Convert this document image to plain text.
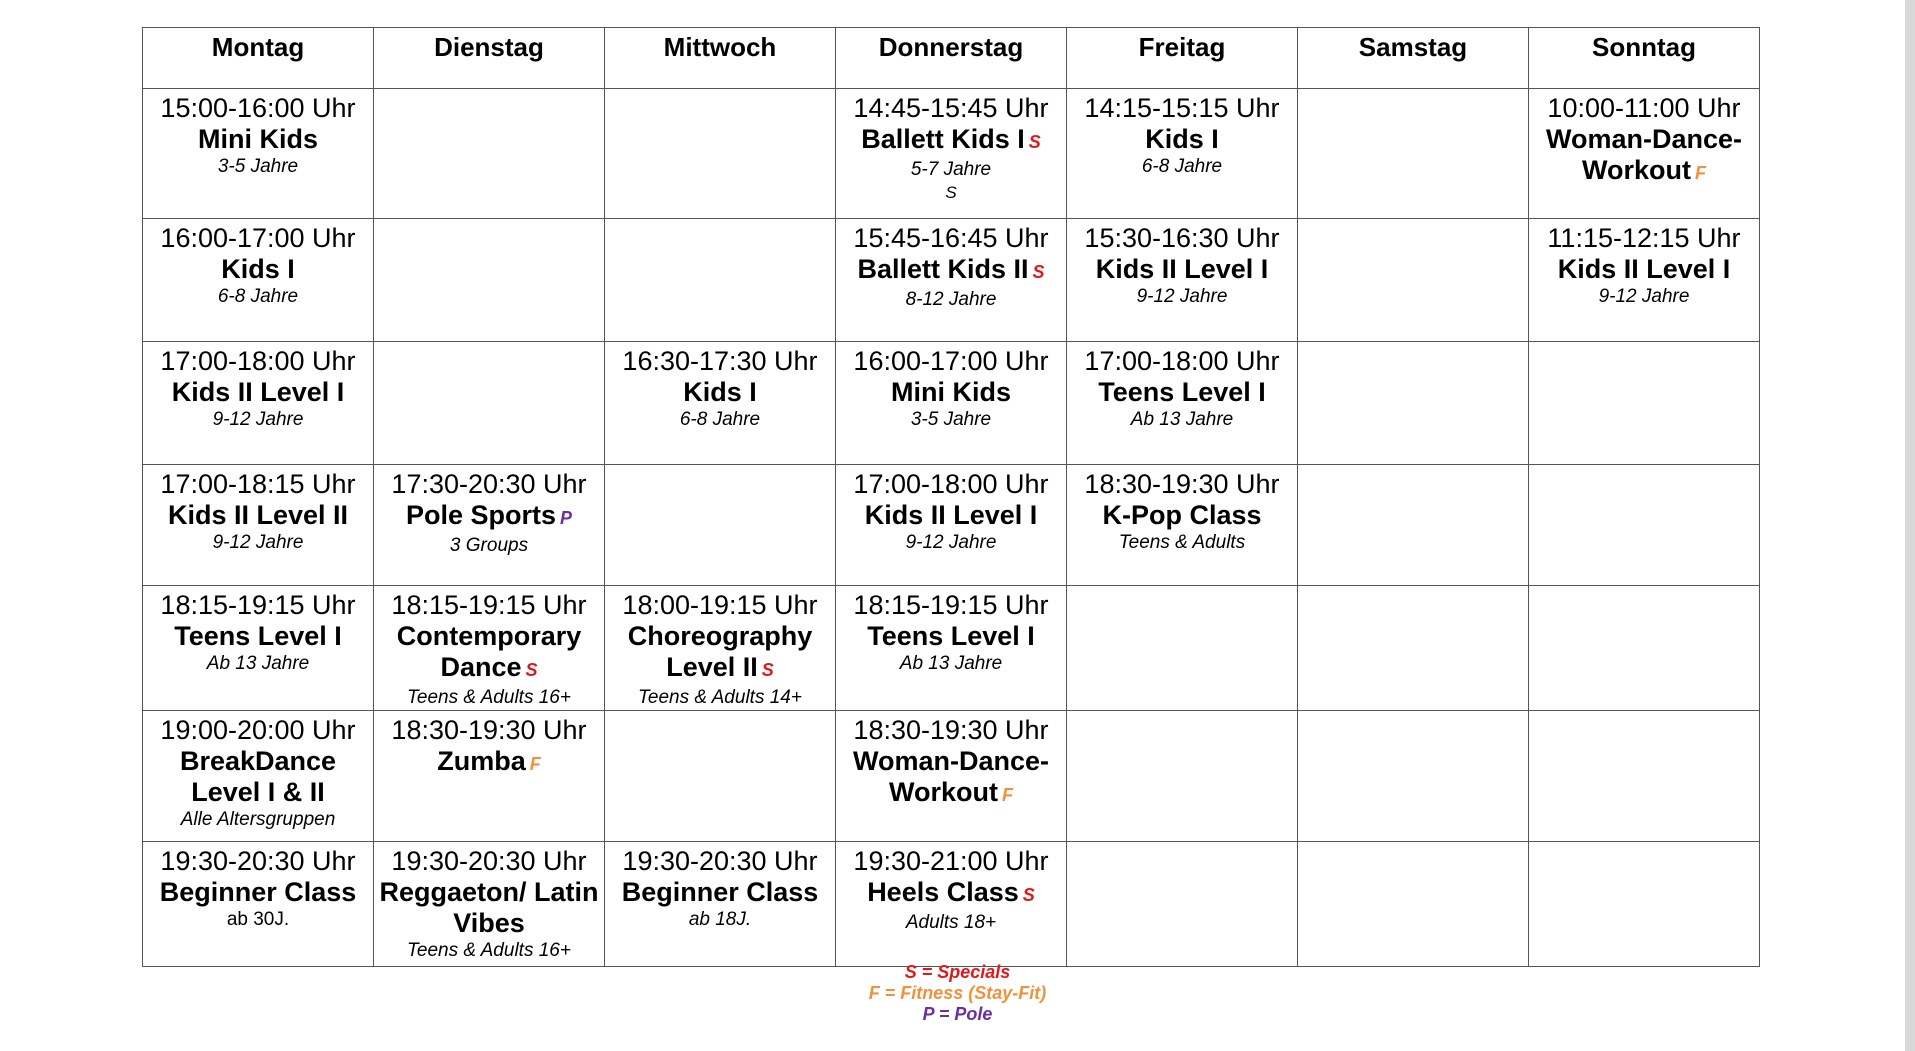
Montag	Dienstag	Mittwoch	Donnerstag	Freitag	Samstag	Sonntag

15:00-16:00 Uhr
Mini Kids
3-5 Jahre			14:45-15:45 Uhr
Ballett Kids I S
5-7 Jahre
S	14:15-15:15 Uhr
Kids I
6-8 Jahre		10:00-11:00 Uhr
Woman-Dance-Workout F

16:00-17:00 Uhr
Kids I
6-8 Jahre			15:45-16:45 Uhr
Ballett Kids II S
8-12 Jahre	15:30-16:30 Uhr
Kids II Level I
9-12 Jahre		11:15-12:15 Uhr
Kids II Level I
9-12 Jahre

17:00-18:00 Uhr
Kids II Level I
9-12 Jahre		16:30-17:30 Uhr
Kids I
6-8 Jahre	16:00-17:00 Uhr
Mini Kids
3-5 Jahre	17:00-18:00 Uhr
Teens Level I
Ab 13 Jahre		

17:00-18:15 Uhr
Kids II Level II
9-12 Jahre	17:30-20:30 Uhr
Pole Sports P
3 Groups		17:00-18:00 Uhr
Kids II Level I
9-12 Jahre	18:30-19:30 Uhr
K-Pop Class
Teens & Adults		

18:15-19:15 Uhr
Teens Level I
Ab 13 Jahre	18:15-19:15 Uhr
Contemporary Dance S
Teens & Adults 16+	18:00-19:15 Uhr
Choreography Level II S
Teens & Adults 14+	18:15-19:15 Uhr
Teens Level I
Ab 13 Jahre			

19:00-20:00 Uhr
BreakDance Level I & II
Alle Altersgruppen	18:30-19:30 Uhr
Zumba F		18:30-19:30 Uhr
Woman-Dance-Workout F			

19:30-20:30 Uhr
Beginner Class
ab 30J.	19:30-20:30 Uhr
Reggaeton/ Latin Vibes
Teens & Adults 16+	19:30-20:30 Uhr
Beginner Class
ab 18J.	19:30-21:00 Uhr
Heels Class S
Adults 18+			

S = Specials
F = Fitness (Stay-Fit)
P = Pole
